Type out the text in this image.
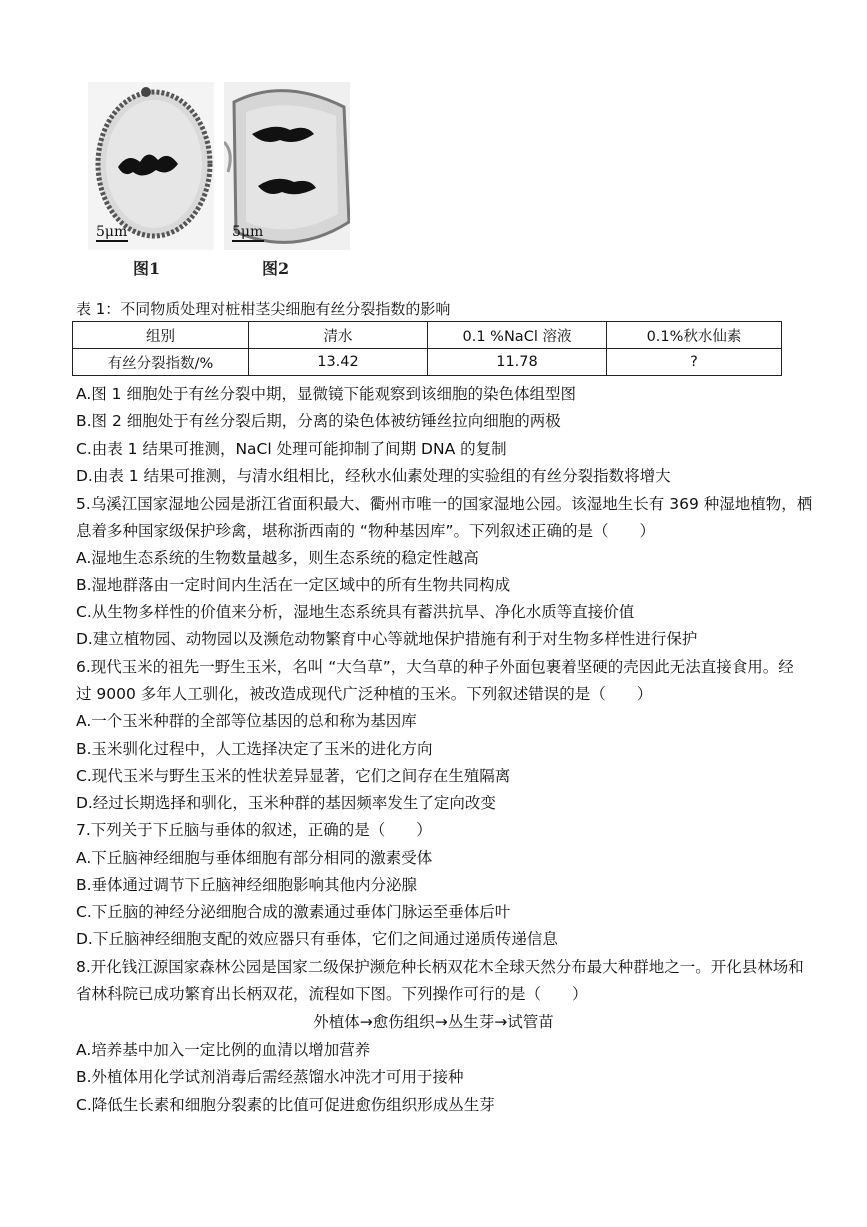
5μm
图1
5μm
图2
表 1：不同物质处理对桩柑茎尖细胞有丝分裂指数的影响
组别	清水	0.1 %NaCl 溶液	0.1%秋水仙素
有丝分裂指数/%	13.42	11.78	?
A.图 1 细胞处于有丝分裂中期，显微镜下能观察到该细胞的染色体组型图
B.图 2 细胞处于有丝分裂后期，分离的染色体被纺锤丝拉向细胞的两极
C.由表 1 结果可推测，NaCl 处理可能抑制了间期 DNA 的复制
D.由表 1 结果可推测，与清水组相比，经秋水仙素处理的实验组的有丝分裂指数将增大
5.乌溪江国家湿地公园是浙江省面积最大、衢州市唯一的国家湿地公园。该湿地生长有 369 种湿地植物，栖
息着多种国家级保护珍禽，堪称浙西南的 “物种基因库”。下列叙述正确的是（　　）
A.湿地生态系统的生物数量越多，则生态系统的稳定性越高
B.湿地群落由一定时间内生活在一定区域中的所有生物共同构成
C.从生物多样性的价值来分析，湿地生态系统具有蓄洪抗旱、净化水质等直接价值
D.建立植物园、动物园以及濒危动物繁育中心等就地保护措施有利于对生物多样性进行保护
6.现代玉米的祖先一野生玉米，名叫 “大刍草”，大刍草的种子外面包裹着坚硬的壳因此无法直接食用。经
过 9000 多年人工驯化，被改造成现代广泛种植的玉米。下列叙述错误的是（　　）
A.一个玉米种群的全部等位基因的总和称为基因库
B.玉米驯化过程中，人工选择决定了玉米的进化方向
C.现代玉米与野生玉米的性状差异显著，它们之间存在生殖隔离
D.经过长期选择和驯化，玉米种群的基因频率发生了定向改变
7.下列关于下丘脑与垂体的叙述，正确的是（　　）
A.下丘脑神经细胞与垂体细胞有部分相同的激素受体
B.垂体通过调节下丘脑神经细胞影响其他内分泌腺
C.下丘脑的神经分泌细胞合成的激素通过垂体门脉运至垂体后叶
D.下丘脑神经细胞支配的效应器只有垂体，它们之间通过递质传递信息
8.开化钱江源国家森林公园是国家二级保护濒危种长柄双花木全球天然分布最大种群地之一。开化县林场和
省林科院已成功繁育出长柄双花，流程如下图。下列操作可行的是（　　）
外植体→愈伤组织→丛生芽→试管苗
A.培养基中加入一定比例的血清以增加营养
B.外植体用化学试剂消毒后需经蒸馏水冲洗才可用于接种
C.降低生长素和细胞分裂素的比值可促进愈伤组织形成丛生芽
